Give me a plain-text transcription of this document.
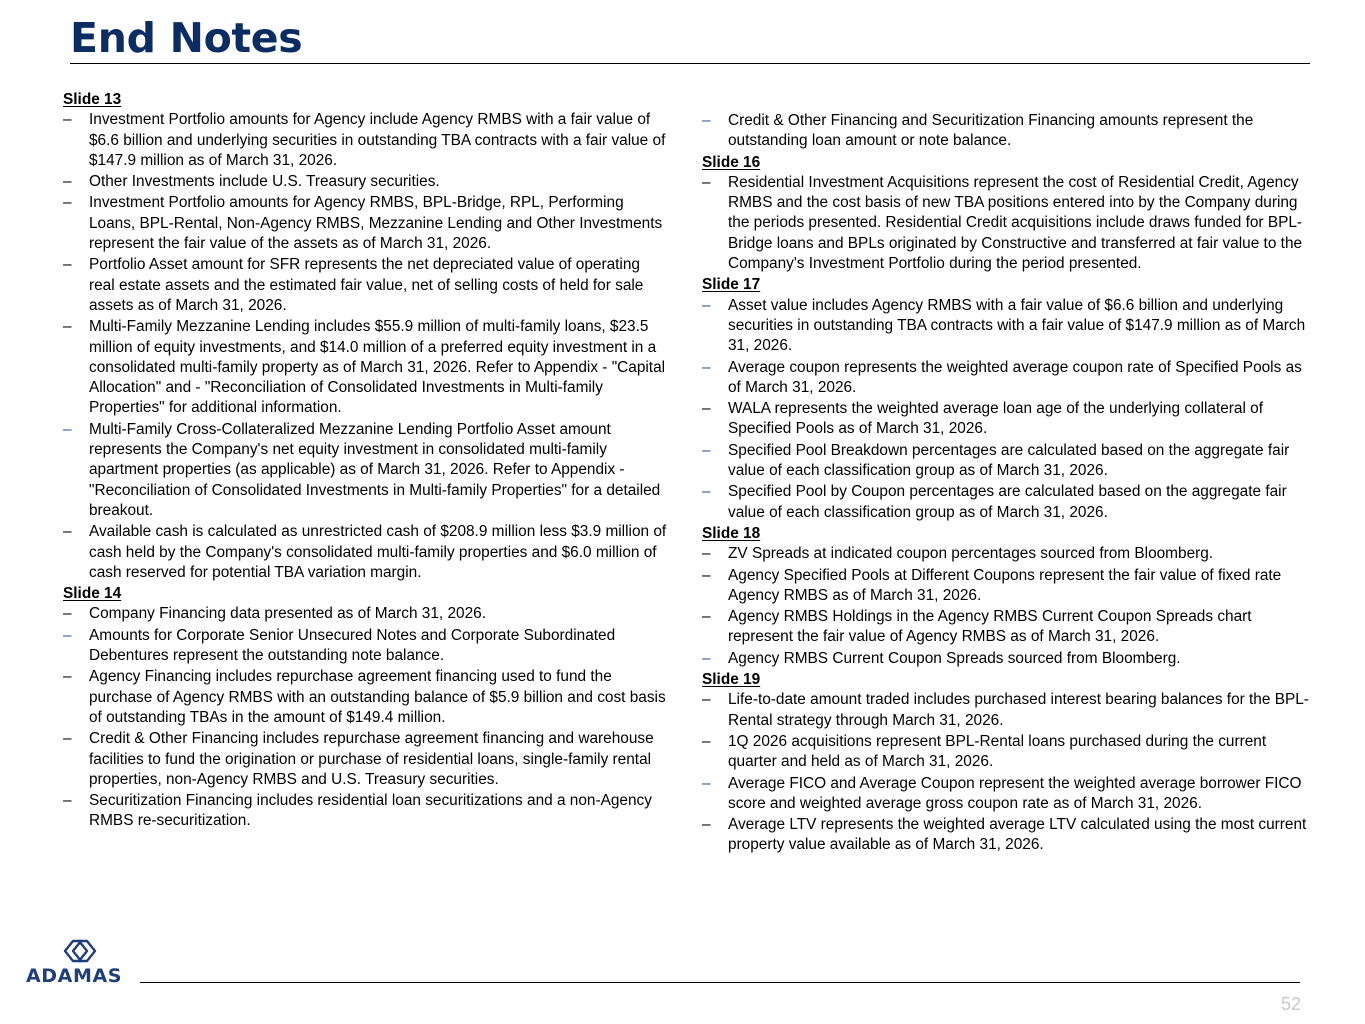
End Notes
Slide 13
– Investment Portfolio amounts for Agency include Agency RMBS with a fair value of $6.6 billion and underlying securities in outstanding TBA contracts with a fair value of $147.9 million as of March 31, 2026.
– Other Investments include U.S. Treasury securities.
– Investment Portfolio amounts for Agency RMBS, BPL-Bridge, RPL, Performing Loans, BPL-Rental, Non-Agency RMBS, Mezzanine Lending and Other Investments represent the fair value of the assets as of March 31, 2026.
– Portfolio Asset amount for SFR represents the net depreciated value of operating real estate assets and the estimated fair value, net of selling costs of held for sale assets as of March 31, 2026.
– Multi-Family Mezzanine Lending includes $55.9 million of multi-family loans, $23.5 million of equity investments, and $14.0 million of a preferred equity investment in a consolidated multi-family property as of March 31, 2026. Refer to Appendix - "Capital Allocation" and - "Reconciliation of Consolidated Investments in Multi-family Properties" for additional information.
– Multi-Family Cross-Collateralized Mezzanine Lending Portfolio Asset amount represents the Company's net equity investment in consolidated multi-family apartment properties (as applicable) as of March 31, 2026. Refer to Appendix - "Reconciliation of Consolidated Investments in Multi-family Properties" for a detailed breakout.
– Available cash is calculated as unrestricted cash of $208.9 million less $3.9 million of cash held by the Company's consolidated multi-family properties and $6.0 million of cash reserved for potential TBA variation margin.
Slide 14
– Company Financing data presented as of March 31, 2026.
– Amounts for Corporate Senior Unsecured Notes and Corporate Subordinated Debentures represent the outstanding note balance.
– Agency Financing includes repurchase agreement financing used to fund the purchase of Agency RMBS with an outstanding balance of $5.9 billion and cost basis of outstanding TBAs in the amount of $149.4 million.
– Credit & Other Financing includes repurchase agreement financing and warehouse facilities to fund the origination or purchase of residential loans, single-family rental properties, non-Agency RMBS and U.S. Treasury securities.
– Securitization Financing includes residential loan securitizations and a non-Agency RMBS re-securitization.
– Credit & Other Financing and Securitization Financing amounts represent the outstanding loan amount or note balance.
Slide 16
– Residential Investment Acquisitions represent the cost of Residential Credit, Agency RMBS and the cost basis of new TBA positions entered into by the Company during the periods presented. Residential Credit acquisitions include draws funded for BPL-Bridge loans and BPLs originated by Constructive and transferred at fair value to the Company's Investment Portfolio during the period presented.
Slide 17
– Asset value includes Agency RMBS with a fair value of $6.6 billion and underlying securities in outstanding TBA contracts with a fair value of $147.9 million as of March 31, 2026.
– Average coupon represents the weighted average coupon rate of Specified Pools as of March 31, 2026.
– WALA represents the weighted average loan age of the underlying collateral of Specified Pools as of March 31, 2026.
– Specified Pool Breakdown percentages are calculated based on the aggregate fair value of each classification group as of March 31, 2026.
– Specified Pool by Coupon percentages are calculated based on the aggregate fair value of each classification group as of March 31, 2026.
Slide 18
– ZV Spreads at indicated coupon percentages sourced from Bloomberg.
– Agency Specified Pools at Different Coupons represent the fair value of fixed rate Agency RMBS as of March 31, 2026.
– Agency RMBS Holdings in the Agency RMBS Current Coupon Spreads chart represent the fair value of Agency RMBS as of March 31, 2026.
– Agency RMBS Current Coupon Spreads sourced from Bloomberg.
Slide 19
– Life-to-date amount traded includes purchased interest bearing balances for the BPL-Rental strategy through March 31, 2026.
– 1Q 2026 acquisitions represent BPL-Rental loans purchased during the current quarter and held as of March 31, 2026.
– Average FICO and Average Coupon represent the weighted average borrower FICO score and weighted average gross coupon rate as of March 31, 2026.
– Average LTV represents the weighted average LTV calculated using the most current property value available as of March 31, 2026.
ADAMAS
52
